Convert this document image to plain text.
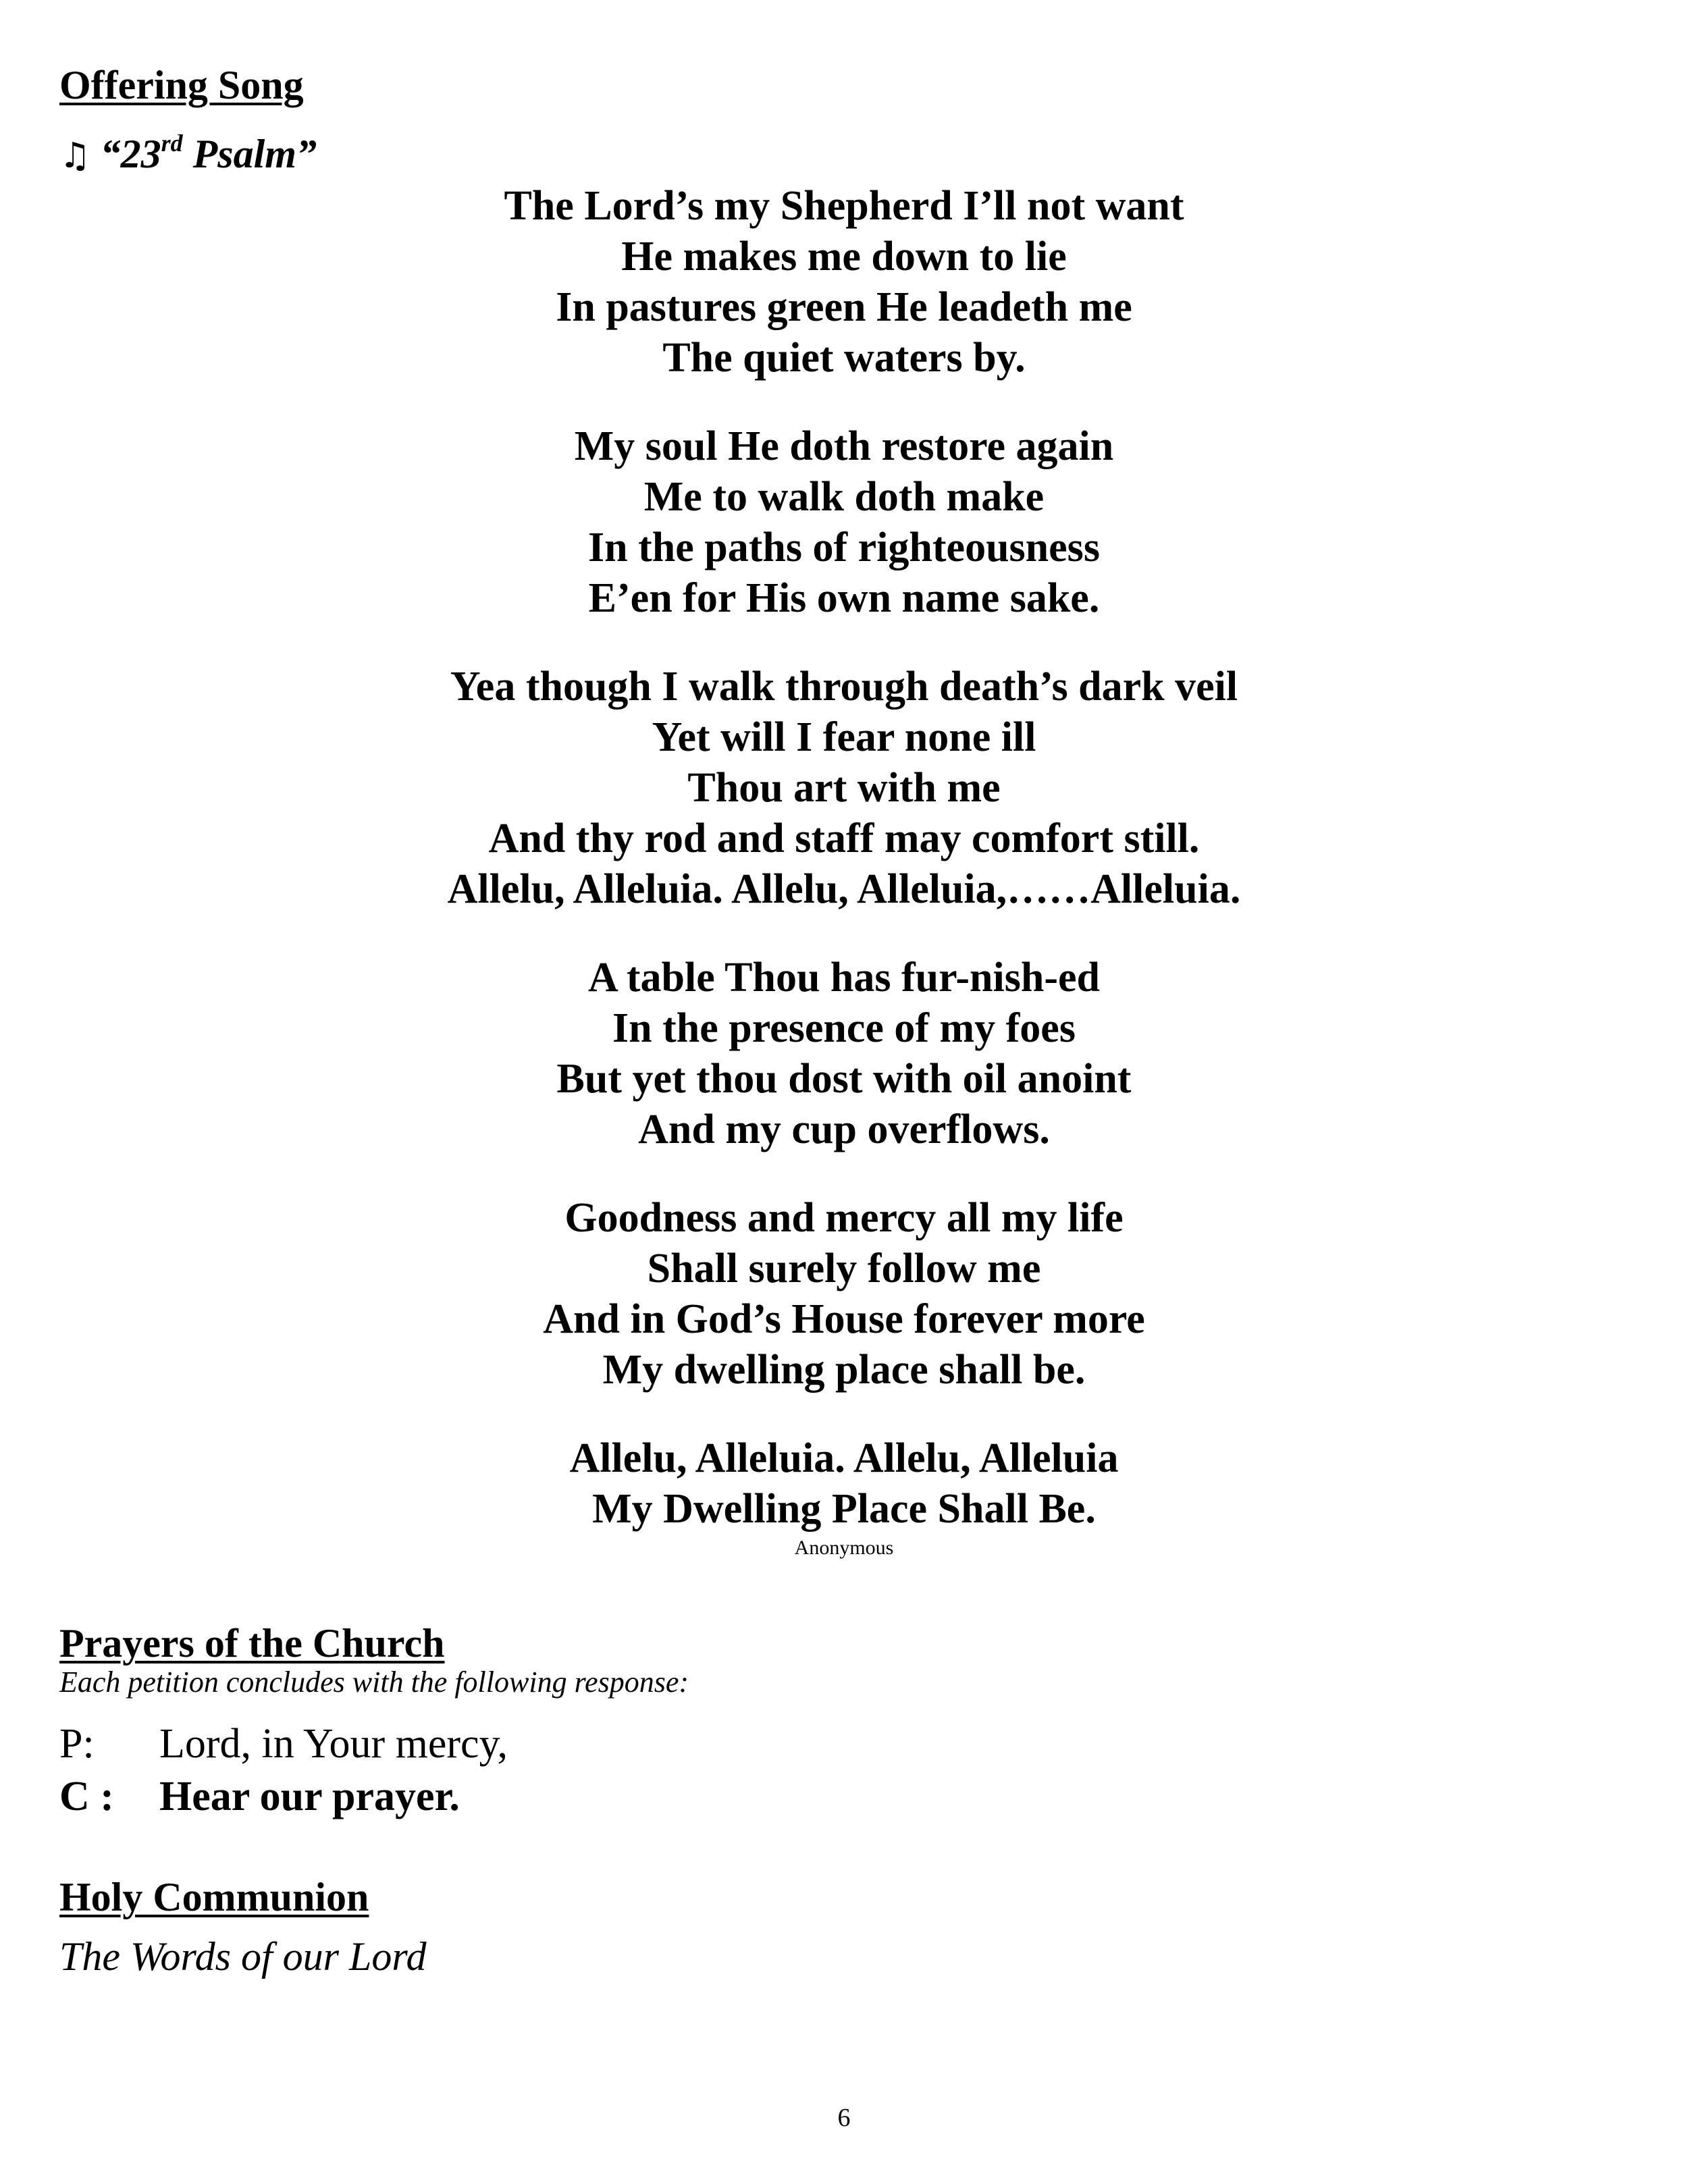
Offering Song
♫ “23rd Psalm”
The Lord’s my Shepherd I’ll not want
He makes me down to lie
In pastures green He leadeth me
The quiet waters by.
My soul He doth restore again
Me to walk doth make
In the paths of righteousness
E’en for His own name sake.
Yea though I walk through death’s dark veil
Yet will I fear none ill
Thou art with me
And thy rod and staff may comfort still.
Allelu, Alleluia. Allelu, Alleluia,……Alleluia.
A table Thou has fur-nish-ed
In the presence of my foes
But yet thou dost with oil anoint
And my cup overflows.
Goodness and mercy all my life
Shall surely follow me
And in God’s House forever more
My dwelling place shall be.
Allelu, Alleluia. Allelu, Alleluia
My Dwelling Place Shall Be.
Anonymous
Prayers of the Church
Each petition concludes with the following response:
P: Lord, in Your mercy,
C : Hear our prayer.
Holy Communion
The Words of our Lord
6
